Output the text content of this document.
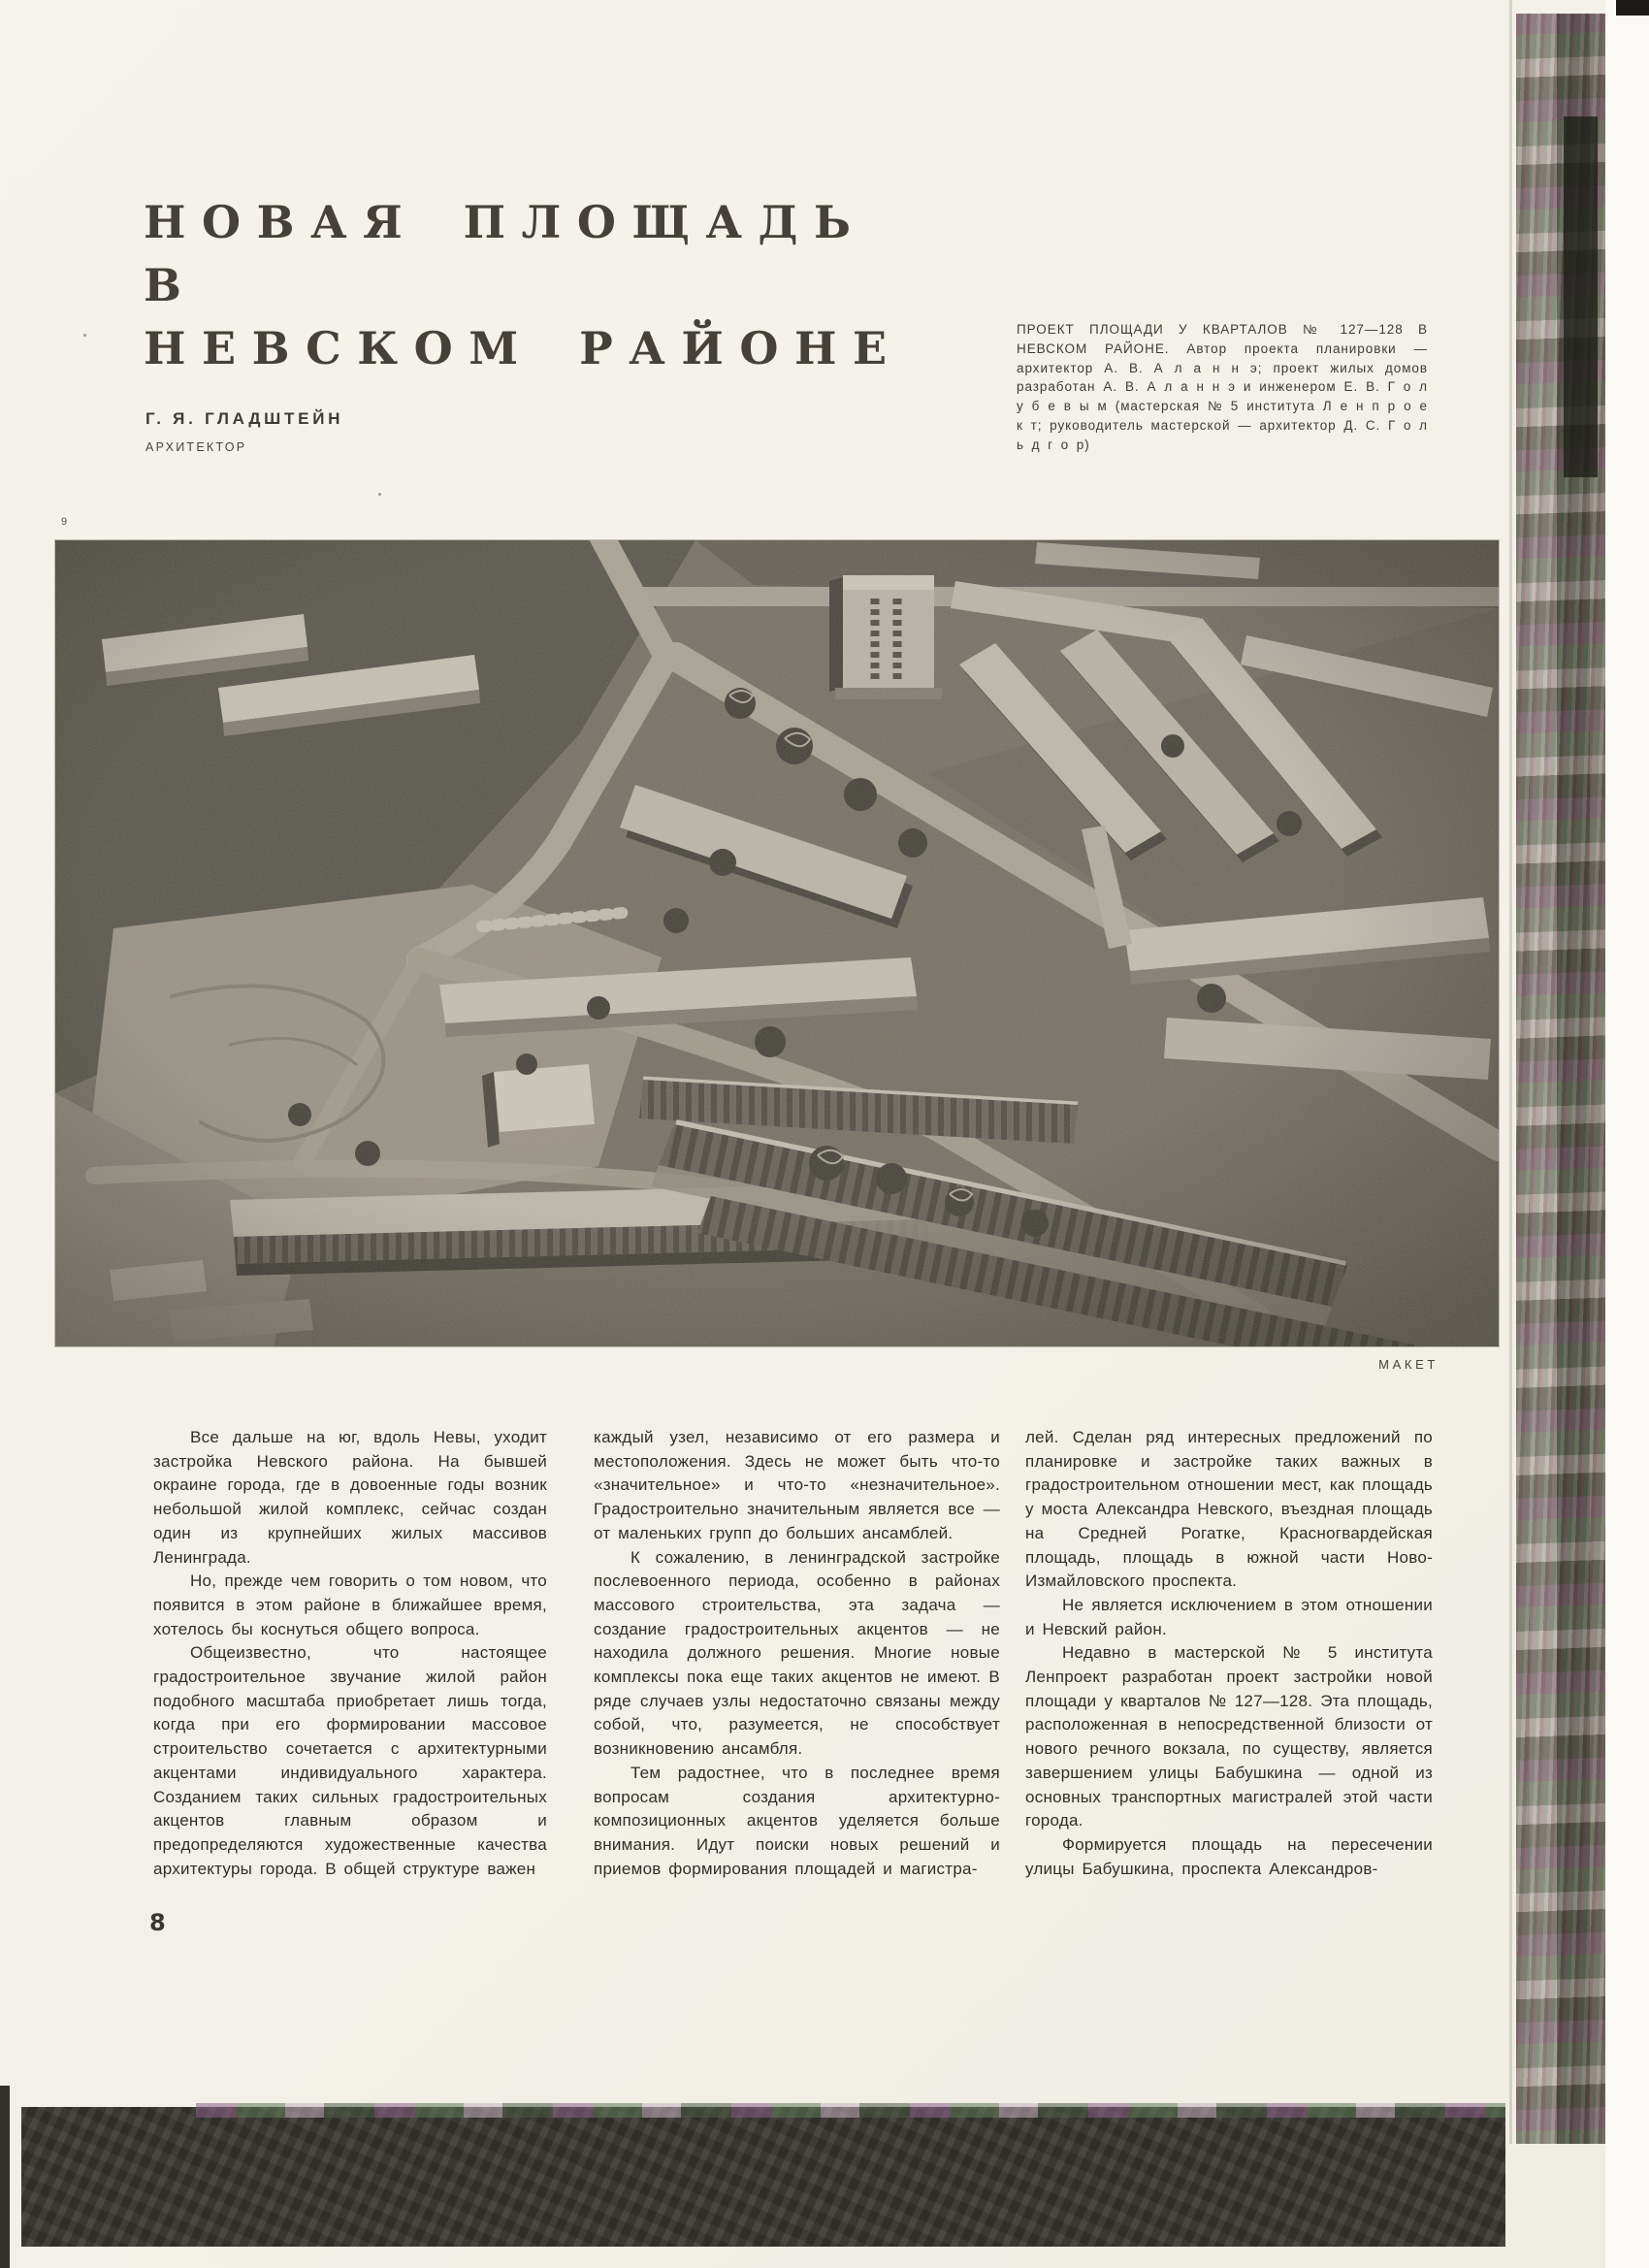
9
НОВАЯ ПЛОЩАДЬ
В
НЕВСКОМ РАЙОНЕ
Г. Я. ГЛАДШТЕЙН
АРХИТЕКТОР
ПРОЕКТ ПЛОЩАДИ У КВАРТАЛОВ № 127—128 В НЕВСКОМ РАЙОНЕ. Автор проекта планировки — архитектор А. В. А л а н н э; проект жилых домов разработан А. В. А л а н н э и инженером Е. В. Г о л у б е в ы м (мастерская № 5 института Л е н п р о е к т; руководитель мастерской — архитектор Д. С. Г о л ь д г о р)
МАКЕТ

Все дальше на юг, вдоль Невы, уходит застройка Невского района. На бывшей окраине города, где в довоенные годы возник небольшой жилой комплекс, сейчас создан один из крупнейших жилых массивов Ленинграда.

Но, прежде чем говорить о том новом, что появится в этом районе в ближайшее время, хотелось бы коснуться общего вопроса.

Общеизвестно, что настоящее градостроительное звучание жилой район подобного масштаба приобретает лишь тогда, когда при его формировании массовое строительство сочетается с архитектурными акцентами индивидуального характера. Созданием таких сильных градостроительных акцентов главным образом и предопределяются художественные качества архитектуры города. В общей структуре важен

каждый узел, независимо от его размера и местоположения. Здесь не может быть что-то «значительное» и что-то «незначительное». Градостроительно значительным является все — от маленьких групп до больших ансамблей.

К сожалению, в ленинградской застройке послевоенного периода, особенно в районах массового строительства, эта задача — создание градостроительных акцентов — не находила должного решения. Многие новые комплексы пока еще таких акцентов не имеют. В ряде случаев узлы недостаточно связаны между собой, что, разумеется, не способствует возникновению ансамбля.

Тем радостнее, что в последнее время вопросам создания архитектурно-композиционных акцентов уделяется больше внимания. Идут поиски новых решений и приемов формирования площадей и магистра-

лей. Сделан ряд интересных предложений по планировке и застройке таких важных в градостроительном отношении мест, как площадь у моста Александра Невского, въездная площадь на Средней Рогатке, Красногвардейская площадь, площадь в южной части Ново-Измайловского проспекта.

Не является исключением в этом отношении и Невский район.

Недавно в мастерской № 5 института Ленпроект разработан проект застройки новой площади у кварталов № 127—128. Эта площадь, расположенная в непосредственной близости от нового речного вокзала, по существу, является завершением улицы Бабушкина — одной из основных транспортных магистралей этой части города.

Формируется площадь на пересечении улицы Бабушкина, проспекта Александров-

8
